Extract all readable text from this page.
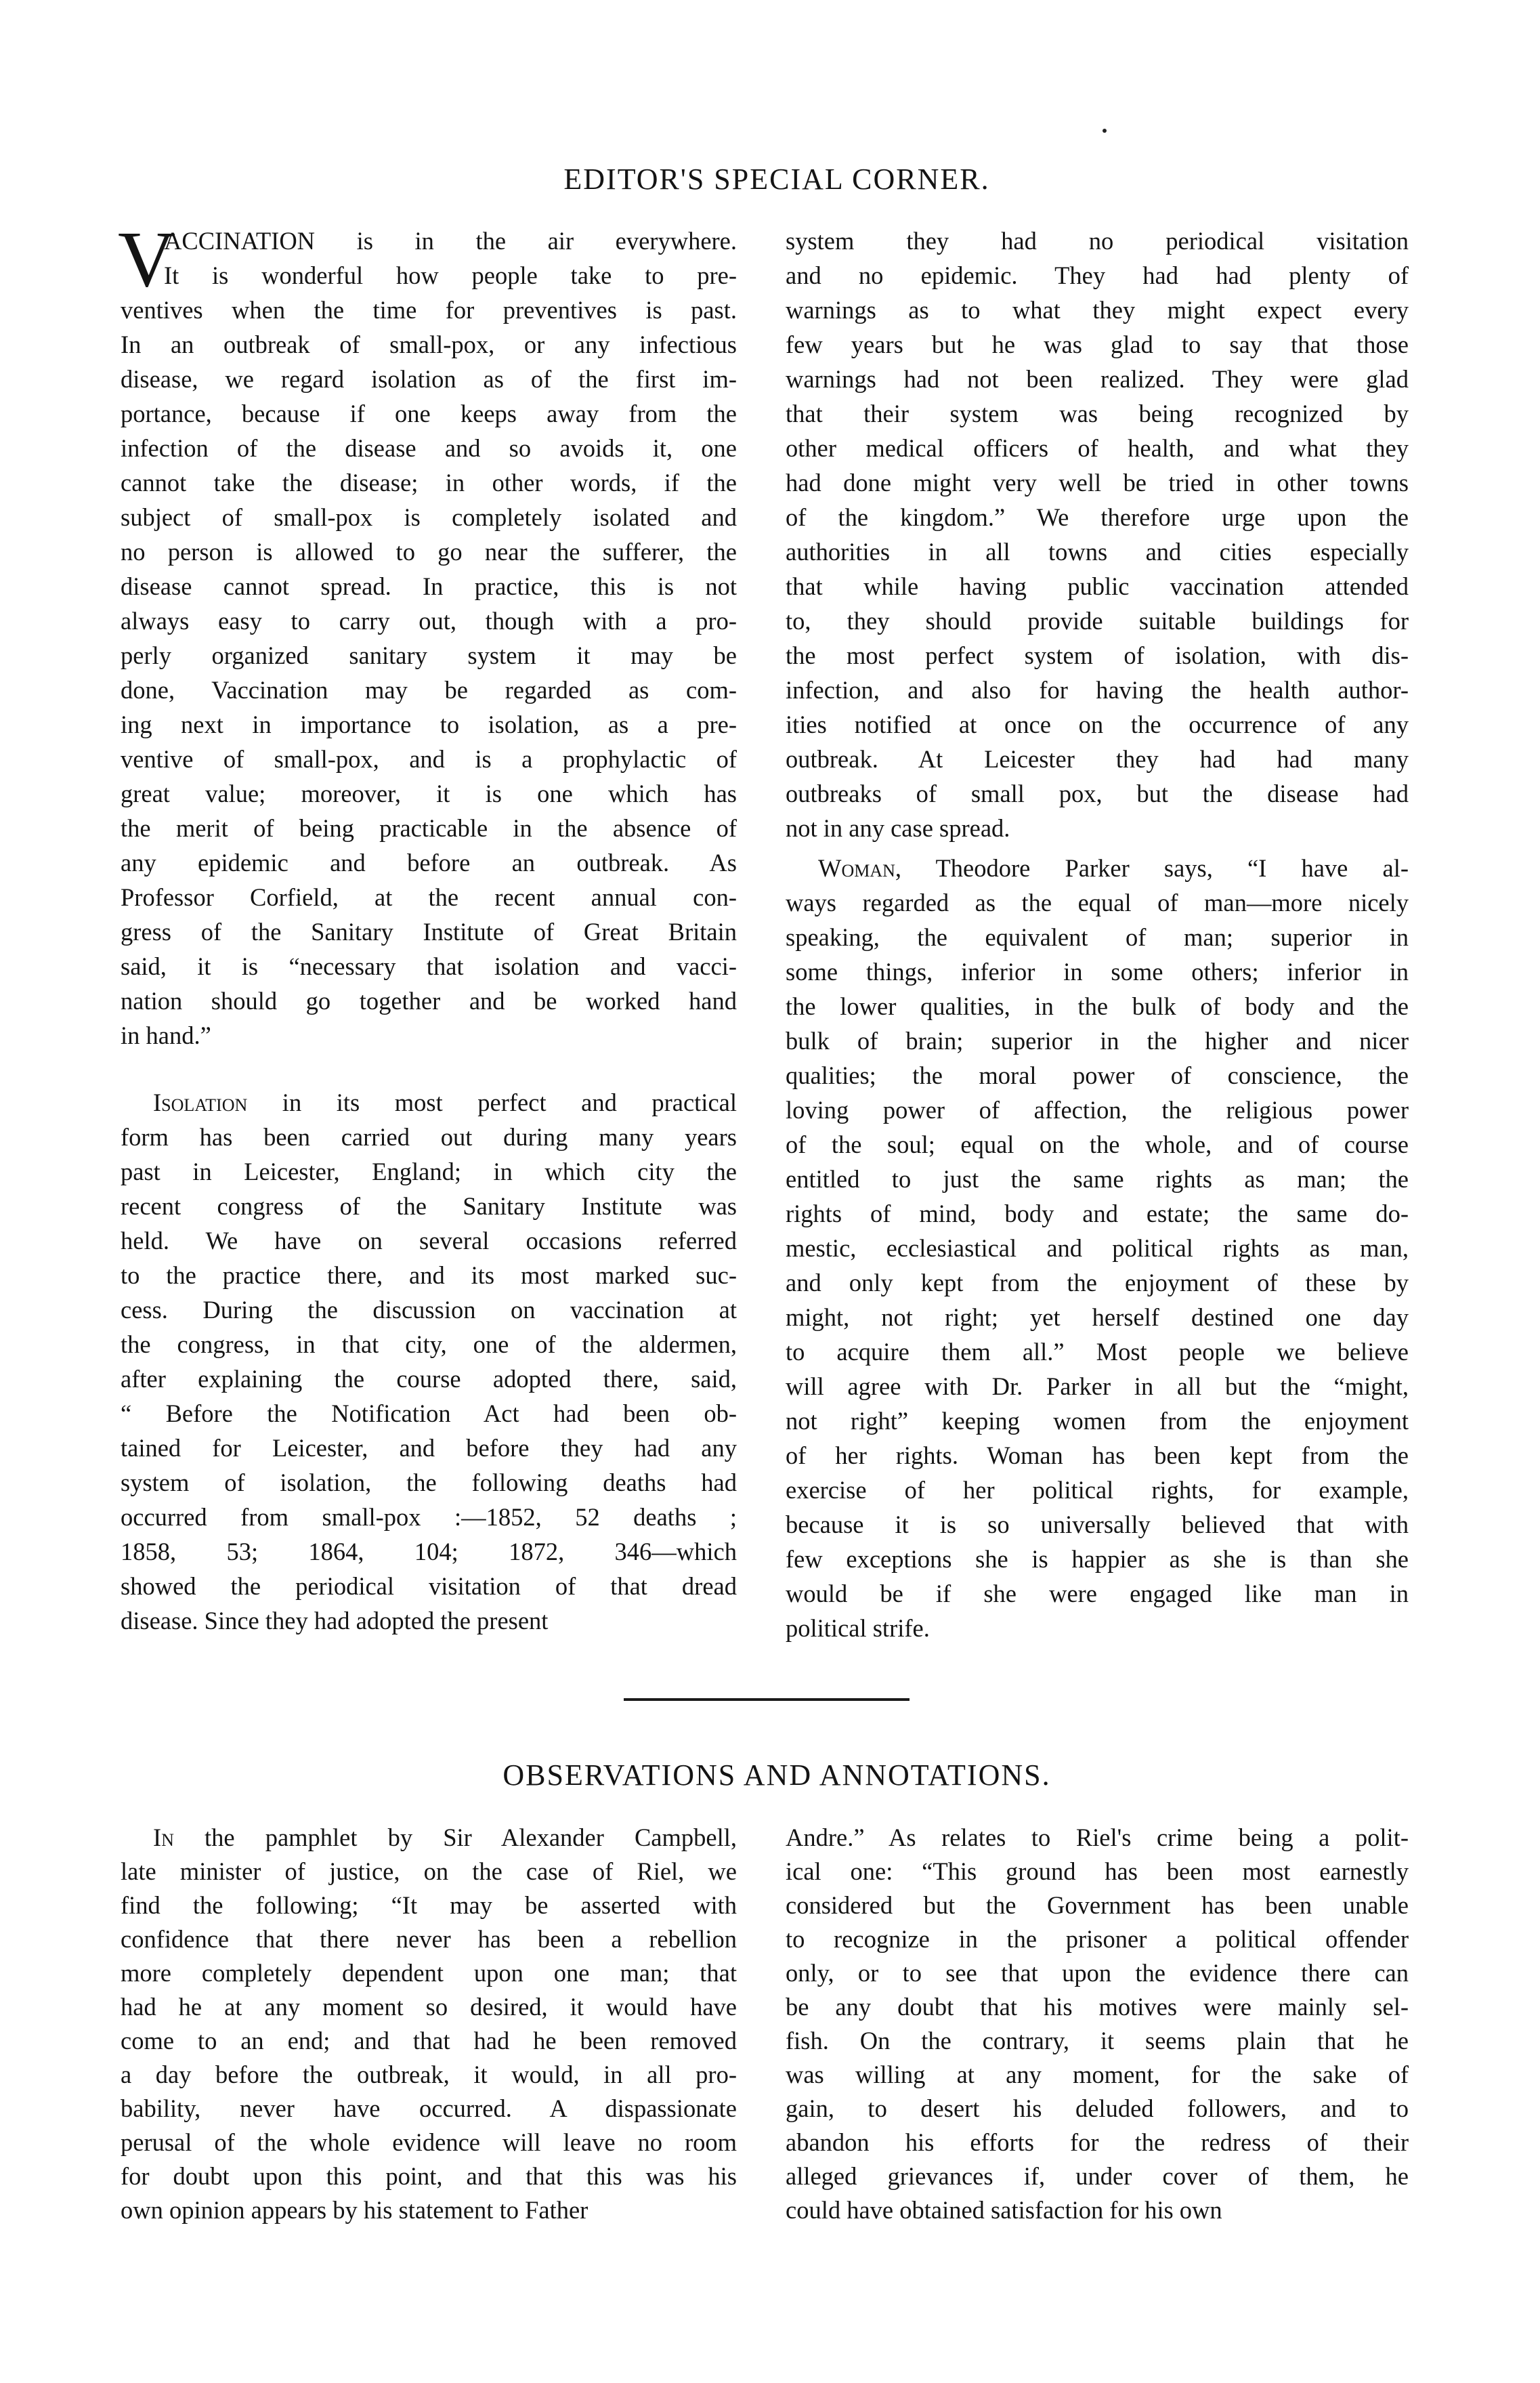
EDITOR'S SPECIAL CORNER.
V
ACCINATION is in the air everywhere.
It is wonderful how people take to pre-
ventives when the time for preventives is past.
In an outbreak of small-pox, or any infectious
disease, we regard isolation as of the first im-
portance, because if one keeps away from the
infection of the disease and so avoids it, one
cannot take the disease; in other words, if the
subject of small-pox is completely isolated and
no person is allowed to go near the sufferer, the
disease cannot spread. In practice, this is not
always easy to carry out, though with a pro-
perly organized sanitary system it may be
done, Vaccination may be regarded as com-
ing next in importance to isolation, as a pre-
ventive of small-pox, and is a prophylactic of
great value; moreover, it is one which has
the merit of being practicable in the absence of
any epidemic and before an outbreak. As
Professor Corfield, at the recent annual con-
gress of the Sanitary Institute of Great Britain
said, it is “necessary that isolation and vacci-
nation should go together and be worked hand
in hand.”
Isolation in its most perfect and practical
form has been carried out during many years
past in Leicester, England; in which city the
recent congress of the Sanitary Institute was
held. We have on several occasions referred
to the practice there, and its most marked suc-
cess. During the discussion on vaccination at
the congress, in that city, one of the aldermen,
after explaining the course adopted there, said,
“ Before the Notification Act had been ob-
tained for Leicester, and before they had any
system of isolation, the following deaths had
occurred from small-pox :—1852, 52 deaths ;
1858, 53; 1864, 104; 1872, 346—which
showed the periodical visitation of that dread
disease. Since they had adopted the present
system they had no periodical visitation
and no epidemic. They had had plenty of
warnings as to what they might expect every
few years but he was glad to say that those
warnings had not been realized. They were glad
that their system was being recognized by
other medical officers of health, and what they
had done might very well be tried in other towns
of the kingdom.” We therefore urge upon the
authorities in all towns and cities especially
that while having public vaccination attended
to, they should provide suitable buildings for
the most perfect system of isolation, with dis-
infection, and also for having the health author-
ities notified at once on the occurrence of any
outbreak. At Leicester they had had many
outbreaks of small pox, but the disease had
not in any case spread.
Woman, Theodore Parker says, “I have al-
ways regarded as the equal of man—more nicely
speaking, the equivalent of man; superior in
some things, inferior in some others; inferior in
the lower qualities, in the bulk of body and the
bulk of brain; superior in the higher and nicer
qualities; the moral power of conscience, the
loving power of affection, the religious power
of the soul; equal on the whole, and of course
entitled to just the same rights as man; the
rights of mind, body and estate; the same do-
mestic, ecclesiastical and political rights as man,
and only kept from the enjoyment of these by
might, not right; yet herself destined one day
to acquire them all.” Most people we believe
will agree with Dr. Parker in all but the “might,
not right” keeping women from the enjoyment
of her rights. Woman has been kept from the
exercise of her political rights, for example,
because it is so universally believed that with
few exceptions she is happier as she is than she
would be if she were engaged like man in
political strife.
OBSERVATIONS AND ANNOTATIONS.
In the pamphlet by Sir Alexander Campbell,
late minister of justice, on the case of Riel, we
find the following; “It may be asserted with
confidence that there never has been a rebellion
more completely dependent upon one man; that
had he at any moment so desired, it would have
come to an end; and that had he been removed
a day before the outbreak, it would, in all pro-
bability, never have occurred. A dispassionate
perusal of the whole evidence will leave no room
for doubt upon this point, and that this was his
own opinion appears by his statement to Father
Andre.” As relates to Riel's crime being a polit-
ical one: “This ground has been most earnestly
considered but the Government has been unable
to recognize in the prisoner a political offender
only, or to see that upon the evidence there can
be any doubt that his motives were mainly sel-
fish. On the contrary, it seems plain that he
was willing at any moment, for the sake of
gain, to desert his deluded followers, and to
abandon his efforts for the redress of their
alleged grievances if, under cover of them, he
could have obtained satisfaction for his own
